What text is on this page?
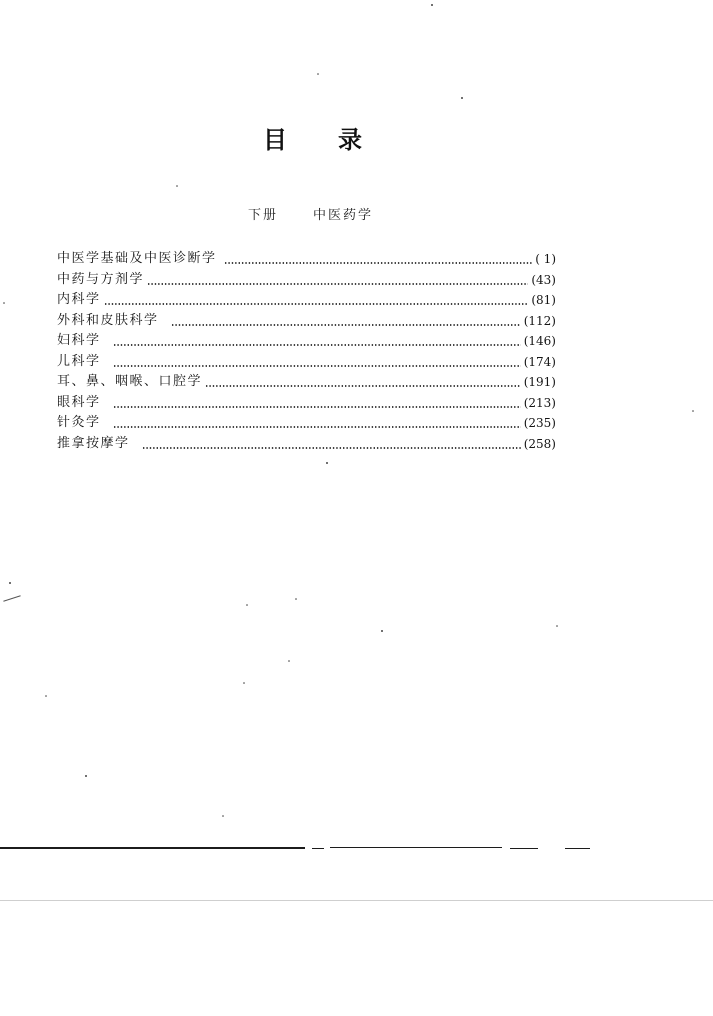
目 录
下册	中医药学
中医学基础及中医诊断学	( 1)
中药与方剂学	(43)
内科学	(81)
外科和皮肤科学	(112)
妇科学	(146)
儿科学	(174)
耳、鼻、咽喉、口腔学	(191)
眼科学	(213)
针灸学	(235)
推拿按摩学	(258)
